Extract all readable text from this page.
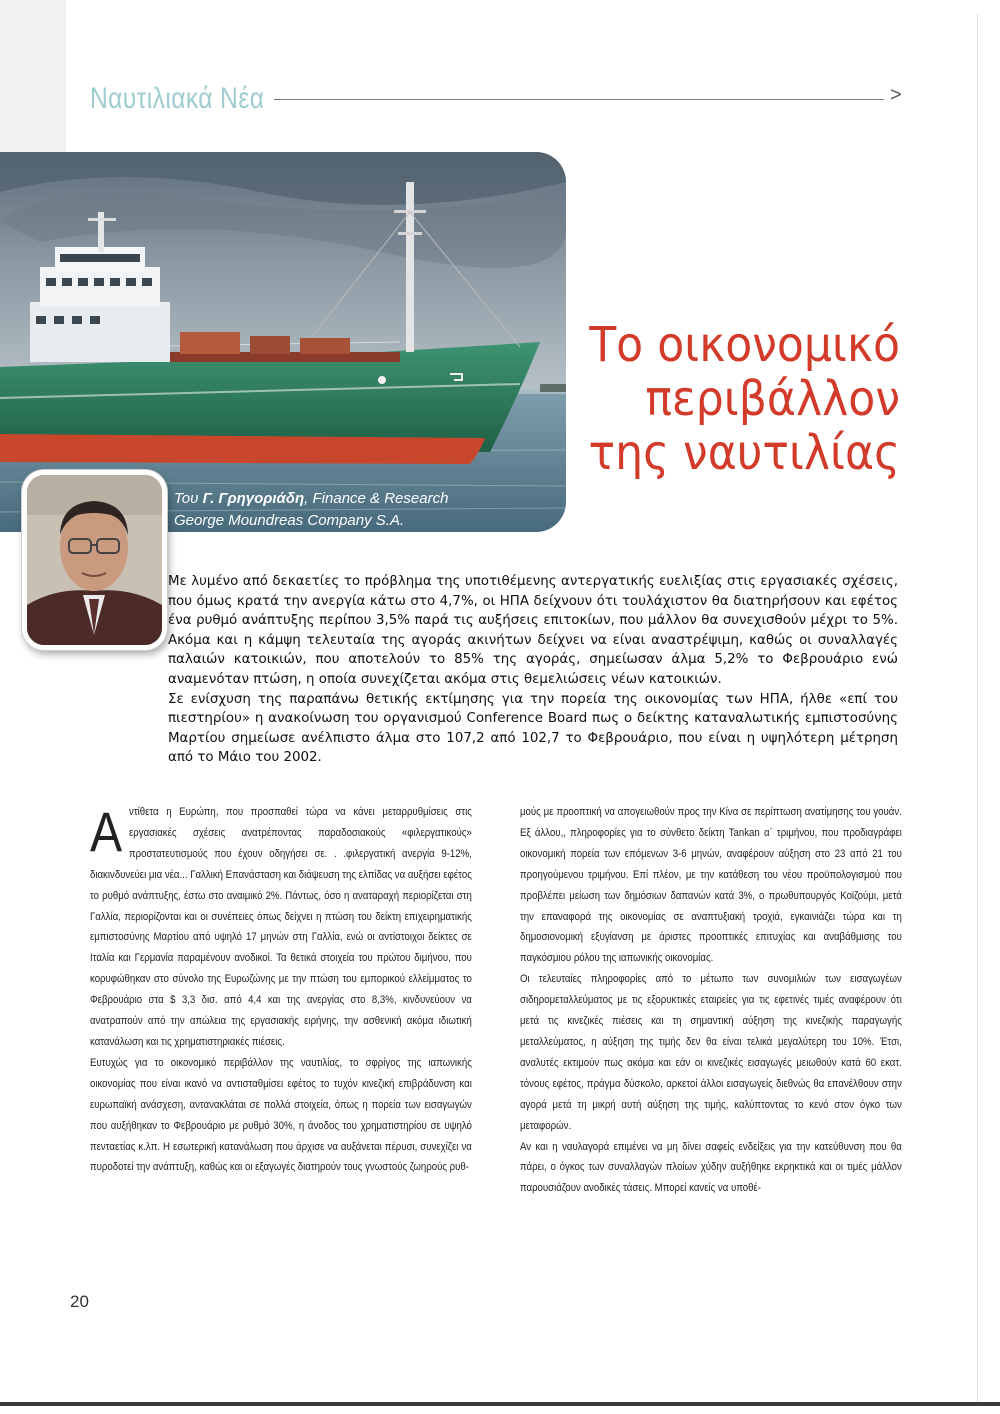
Ναυτιλιακά Νέα	>
Το οικονομικό
περιβάλλον
της ναυτιλίας
Του Γ. Γρηγοριάδη, Finance & Research
George Moundreas Company S.A.

Με λυμένο από δεκαετίες το πρόβλημα της υποτιθέμενης αντεργατικής ευελιξίας στις εργασιακές σχέσεις, που όμως κρατά την ανεργία κάτω στο 4,7%, οι ΗΠΑ δείχνουν ότι τουλάχιστον θα διατηρήσουν και εφέτος ένα ρυθμό ανάπτυξης περίπου 3,5% παρά τις αυξήσεις επιτοκίων, που μάλλον θα συνεχισθούν μέχρι το 5%. Ακόμα και η κάμψη τελευταία της αγοράς ακινήτων δείχνει να είναι αναστρέψιμη, καθώς οι συναλλαγές παλαιών κατοικιών, που αποτελούν το 85% της αγοράς, σημείωσαν άλμα 5,2% το Φεβρουάριο ενώ αναμενόταν πτώση, η οποία συνεχίζεται ακόμα στις θεμελιώσεις νέων κατοικιών.

Σε ενίσχυση της παραπάνω θετικής εκτίμησης για την πορεία της οικονομίας των ΗΠΑ, ήλθε «επί του πιεστηρίου» η ανακοίνωση του οργανισμού Conference Board πως ο δείκτης καταναλωτικής εμπιστοσύνης Μαρτίου σημείωσε ανέλπιστο άλμα στο 107,2 από 102,7 το Φεβρουάριο, που είναι η υψηλότερη μέτρηση από το Μάιο του 2002.

Αντίθετα η Ευρώπη, που προσπαθεί τώρα να κάνει μεταρρυθμίσεις στις εργασιακές σχέσεις ανατρέποντας παραδοσιακούς «φιλεργατικούς» προστατευτισμούς που έχουν οδηγήσει σε. . .φιλεργατική ανεργία 9-12%, διακινδυνεύει μια νέα... Γαλλική Επανάσταση και διάψευση της ελπίδας να αυξήσει εφέτος το ρυθμό ανάπτυξης, έστω στο αναιμικό 2%. Πάντως, όσο η αναταραχή περιορίζεται στη Γαλλία, περιορίζονται και οι συνέπειες όπως δείχνει η πτώση του δείκτη επιχειρηματικής εμπιστοσύνης Μαρτίου από υψηλό 17 μηνών στη Γαλλία, ενώ οι αντίστοιχοι δείκτες σε Ιταλία και Γερμανία παραμένουν ανοδικοί. Τα θετικά στοιχεία του πρώτου διμήνου, που κορυφώθηκαν στο σύνολο της Ευρωζώνης με την πτώση του εμπορικού ελλείμματος το Φεβρουάριο στα $ 3,3 δισ. από 4,4 και της ανεργίας στο 8,3%, κινδυνεύουν να ανατραπούν από την απώλεια της εργασιακής ειρήνης, την ασθενική ακόμα ιδιωτική κατανάλωση και τις χρηματιστηριακές πιέσεις.

Ευτυχώς για το οικονομικό περιβάλλον της ναυτιλίας, το σφρίγος της ιαπωνικής οικονομίας που είναι ικανό να αντισταθμίσει εφέτος το τυχόν κινεζική επιβράδυνση και ευρωπαϊκή ανάσχεση, αντανακλάται σε πολλά στοιχεία, όπως η πορεία των εισαγωγών που αυξήθηκαν το Φεβρουάριο με ρυθμό 30%, η άνοδος του χρηματιστηρίου σε υψηλό πενταετίας κ.λπ. Η εσωτερική κατανάλωση που άρχισε να αυξάνεται πέρυσι, συνεχίζει να πυροδοτεί την ανάπτυξη, καθώς και οι εξαγωγές διατηρούν τους γνωστούς ζωηρούς ρυθ-

μούς με προοπτική να απογειωθούν προς την Κίνα σε περίπτωση ανατίμησης του γουάν. Εξ άλλου,, πληροφορίες για το σύνθετο δείκτη Tankan α΄ τριμήνου, που προδιαγράφει οικονομική πορεία των επόμενων 3-6 μηνών, αναφέρουν αύξηση στο 23 από 21 του προηγούμενου τριμήνου. Επί πλέον, με την κατάθεση του νέου προϋπολογισμού που προβλέπει μείωση των δημόσιων δαπανών κατά 3%, ο πρωθυπουργός Κοϊζούμι, μετά την επαναφορά της οικονομίας σε αναπτυξιακή τροχιά, εγκαινιάζει τώρα και τη δημοσιονομική εξυγίανση με άριστες προοπτικές επιτυχίας και αναβάθμισης του παγκόσμιου ρόλου της ιαπωνικής οικονομίας.

Οι τελευταίες πληροφορίες από το μέτωπο των συνομιλιών των εισαγωγέων σιδηρομεταλλεύματος με τις εξορυκτικές εταιρείες για τις εφετινές τιμές αναφέρουν ότι μετά τις κινεζικές πιέσεις και τη σημαντική αύξηση της κινεζικής παραγωγής μεταλλεύματος, η αύξηση της τιμής δεν θα είναι τελικά μεγαλύτερη του 10%. Έτσι, αναλυτές εκτιμούν πως ακόμα και εάν οι κινεζικές εισαγωγές μειωθούν κατά 60 εκατ. τόνους εφέτος, πράγμα δύσκολο, αρκετοί άλλοι εισαγωγείς διεθνώς θα επανέλθουν στην αγορά μετά τη μικρή αυτή αύξηση της τιμής, καλύπτοντας το κενό στον όγκο των μεταφορών.

Αν και η ναυλαγορά επιμένει να μη δίνει σαφείς ενδείξεις για την κατεύθυνση που θα πάρει, ο όγκος των συναλλαγών πλοίων χύδην αυξήθηκε εκρηκτικά και οι τιμές μάλλον παρουσιάζουν ανοδικές τάσεις. Μπορεί κανείς να υποθέ-

20
